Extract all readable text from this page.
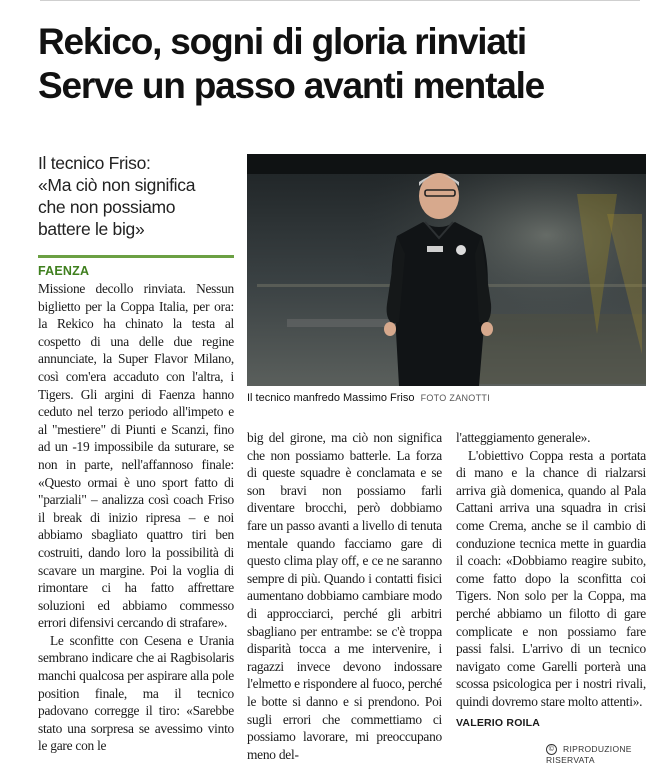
Rekico, sogni di gloria rinviati
Serve un passo avanti mentale
Il tecnico Friso:
«Ma ciò non significa
che non possiamo
battere le big»
FAENZA

Missione decollo rinviata. Nessun biglietto per la Coppa Italia, per ora: la Rekico ha chinato la testa al cospetto di una delle due regine annunciate, la Super Flavor Milano, così com'era accaduto con l'altra, i Tigers. Gli argini di Faenza hanno ceduto nel terzo periodo all'impeto e al "mestiere" di Piunti e Scanzi, fino ad un -19 impossibile da suturare, se non in parte, nell'affannoso finale: «Questo ormai è uno sport fatto di "parziali" – analizza così coach Friso il break di inizio ripresa – e noi abbiamo sbagliato quattro tiri ben costruiti, dando loro la possibilità di scavare un margine. Poi la voglia di rimontare ci ha fatto affrettare soluzioni ed abbiamo commesso errori difensivi cercando di strafare».

Le sconfitte con Cesena e Urania sembrano indicare che ai Ragbisolaris manchi qualcosa per aspirare alla pole position finale, ma il tecnico padovano corregge il tiro: «Sarebbe stato una sorpresa se avessimo vinto le gare con le

Il tecnico manfredo Massimo Friso FOTO ZANOTTI

big del girone, ma ciò non significa che non possiamo batterle. La forza di queste squadre è conclamata e se son bravi non possiamo farli diventare brocchi, però dobbiamo fare un passo avanti a livello di tenuta mentale quando facciamo gare di questo clima play off, e ce ne saranno sempre di più. Quando i contatti fisici aumentano dobbiamo cambiare modo di approcciarci, perché gli arbitri sbagliano per entrambe: se c'è troppa disparità tocca a me intervenire, i ragazzi invece devono indossare l'elmetto e rispondere al fuoco, perché le botte si danno e si prendono. Poi sugli errori che commettiamo ci possiamo lavorare, mi preoccupano meno del-

l'atteggiamento generale».

L'obiettivo Coppa resta a portata di mano e la chance di rialzarsi arriva già domenica, quando al Pala Cattani arriva una squadra in crisi come Crema, anche se il cambio di conduzione tecnica mette in guardia il coach: «Dobbiamo reagire subito, come fatto dopo la sconfitta coi Tigers. Non solo per la Coppa, ma perché abbiamo un filotto di gare complicate e non possiamo fare passi falsi. L'arrivo di un tecnico navigato come Garelli porterà una scossa psicologica per i nostri rivali, quindi dovremo stare molto attenti».

VALERIO ROILA
© RIPRODUZIONE RISERVATA
